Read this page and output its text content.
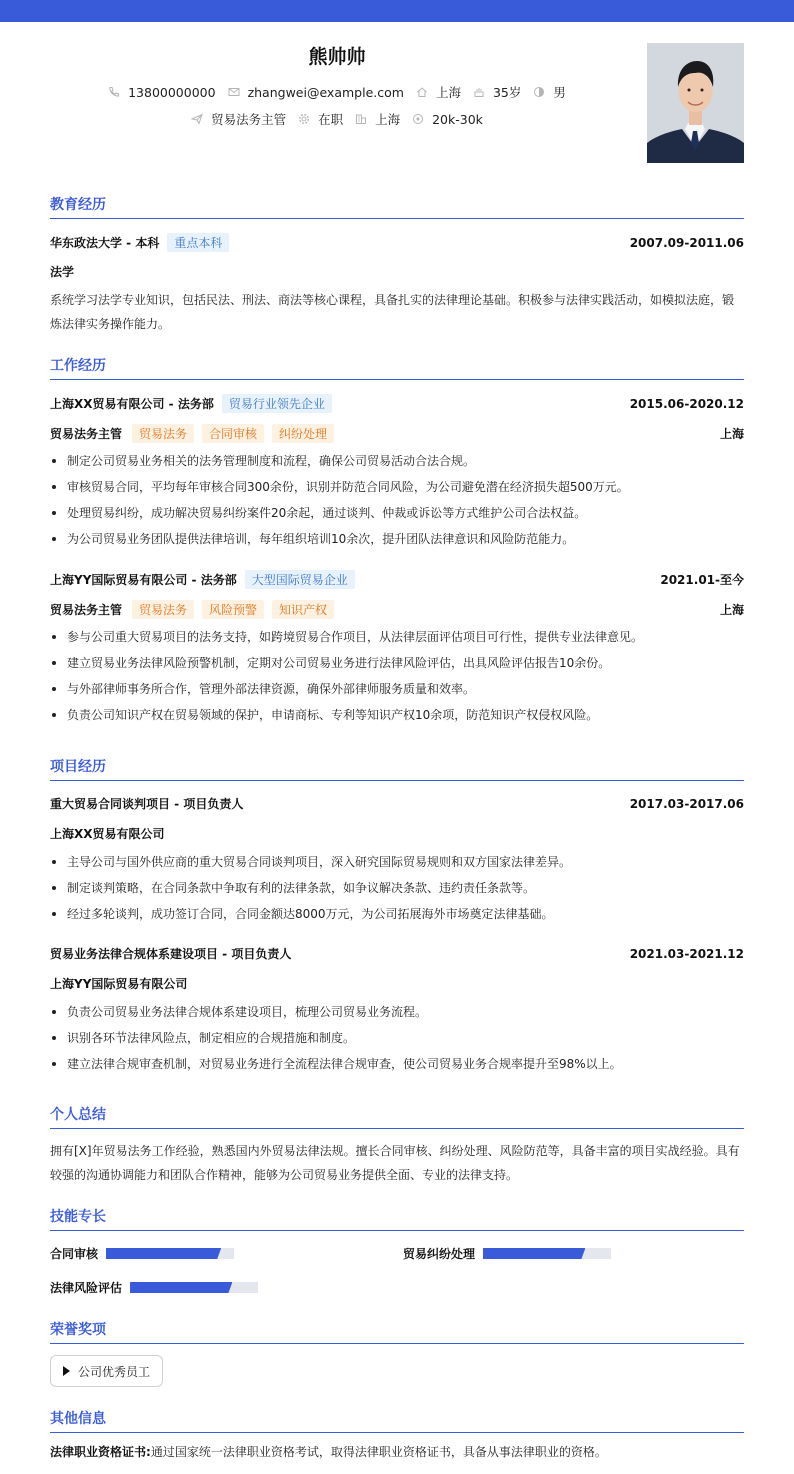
熊帅帅
13800000000	zhangwei@example.com	上海	35岁	男
贸易法务主管	在职	上海	20k-30k
教育经历
华东政法大学 - 本科	重点本科	2007.09-2011.06
法学
系统学习法学专业知识，包括民法、刑法、商法等核心课程，具备扎实的法律理论基础。积极参与法律实践活动，如模拟法庭，锻炼法律实务操作能力。
工作经历
上海XX贸易有限公司 - 法务部	贸易行业领先企业	2015.06-2020.12
贸易法务主管	贸易法务	合同审核	纠纷处理	上海
制定公司贸易业务相关的法务管理制度和流程，确保公司贸易活动合法合规。
审核贸易合同，平均每年审核合同300余份，识别并防范合同风险，为公司避免潜在经济损失超500万元。
处理贸易纠纷，成功解决贸易纠纷案件20余起，通过谈判、仲裁或诉讼等方式维护公司合法权益。
为公司贸易业务团队提供法律培训，每年组织培训10余次，提升团队法律意识和风险防范能力。
上海YY国际贸易有限公司 - 法务部	大型国际贸易企业	2021.01-至今
贸易法务主管	贸易法务	风险预警	知识产权	上海
参与公司重大贸易项目的法务支持，如跨境贸易合作项目，从法律层面评估项目可行性，提供专业法律意见。
建立贸易业务法律风险预警机制，定期对公司贸易业务进行法律风险评估，出具风险评估报告10余份。
与外部律师事务所合作，管理外部法律资源，确保外部律师服务质量和效率。
负责公司知识产权在贸易领域的保护，申请商标、专利等知识产权10余项，防范知识产权侵权风险。
项目经历
重大贸易合同谈判项目 - 项目负责人	2017.03-2017.06
上海XX贸易有限公司
主导公司与国外供应商的重大贸易合同谈判项目，深入研究国际贸易规则和双方国家法律差异。
制定谈判策略，在合同条款中争取有利的法律条款，如争议解决条款、违约责任条款等。
经过多轮谈判，成功签订合同，合同金额达8000万元，为公司拓展海外市场奠定法律基础。
贸易业务法律合规体系建设项目 - 项目负责人	2021.03-2021.12
上海YY国际贸易有限公司
负责公司贸易业务法律合规体系建设项目，梳理公司贸易业务流程。
识别各环节法律风险点，制定相应的合规措施和制度。
建立法律合规审查机制，对贸易业务进行全流程法律合规审查，使公司贸易业务合规率提升至98%以上。
个人总结
拥有[X]年贸易法务工作经验，熟悉国内外贸易法律法规。擅长合同审核、纠纷处理、风险防范等，具备丰富的项目实战经验。具有较强的沟通协调能力和团队合作精神，能够为公司贸易业务提供全面、专业的法律支持。
技能专长
合同审核	贸易纠纷处理
法律风险评估
荣誉奖项
公司优秀员工
其他信息
法律职业资格证书:通过国家统一法律职业资格考试，取得法律职业资格证书，具备从事法律职业的资格。
